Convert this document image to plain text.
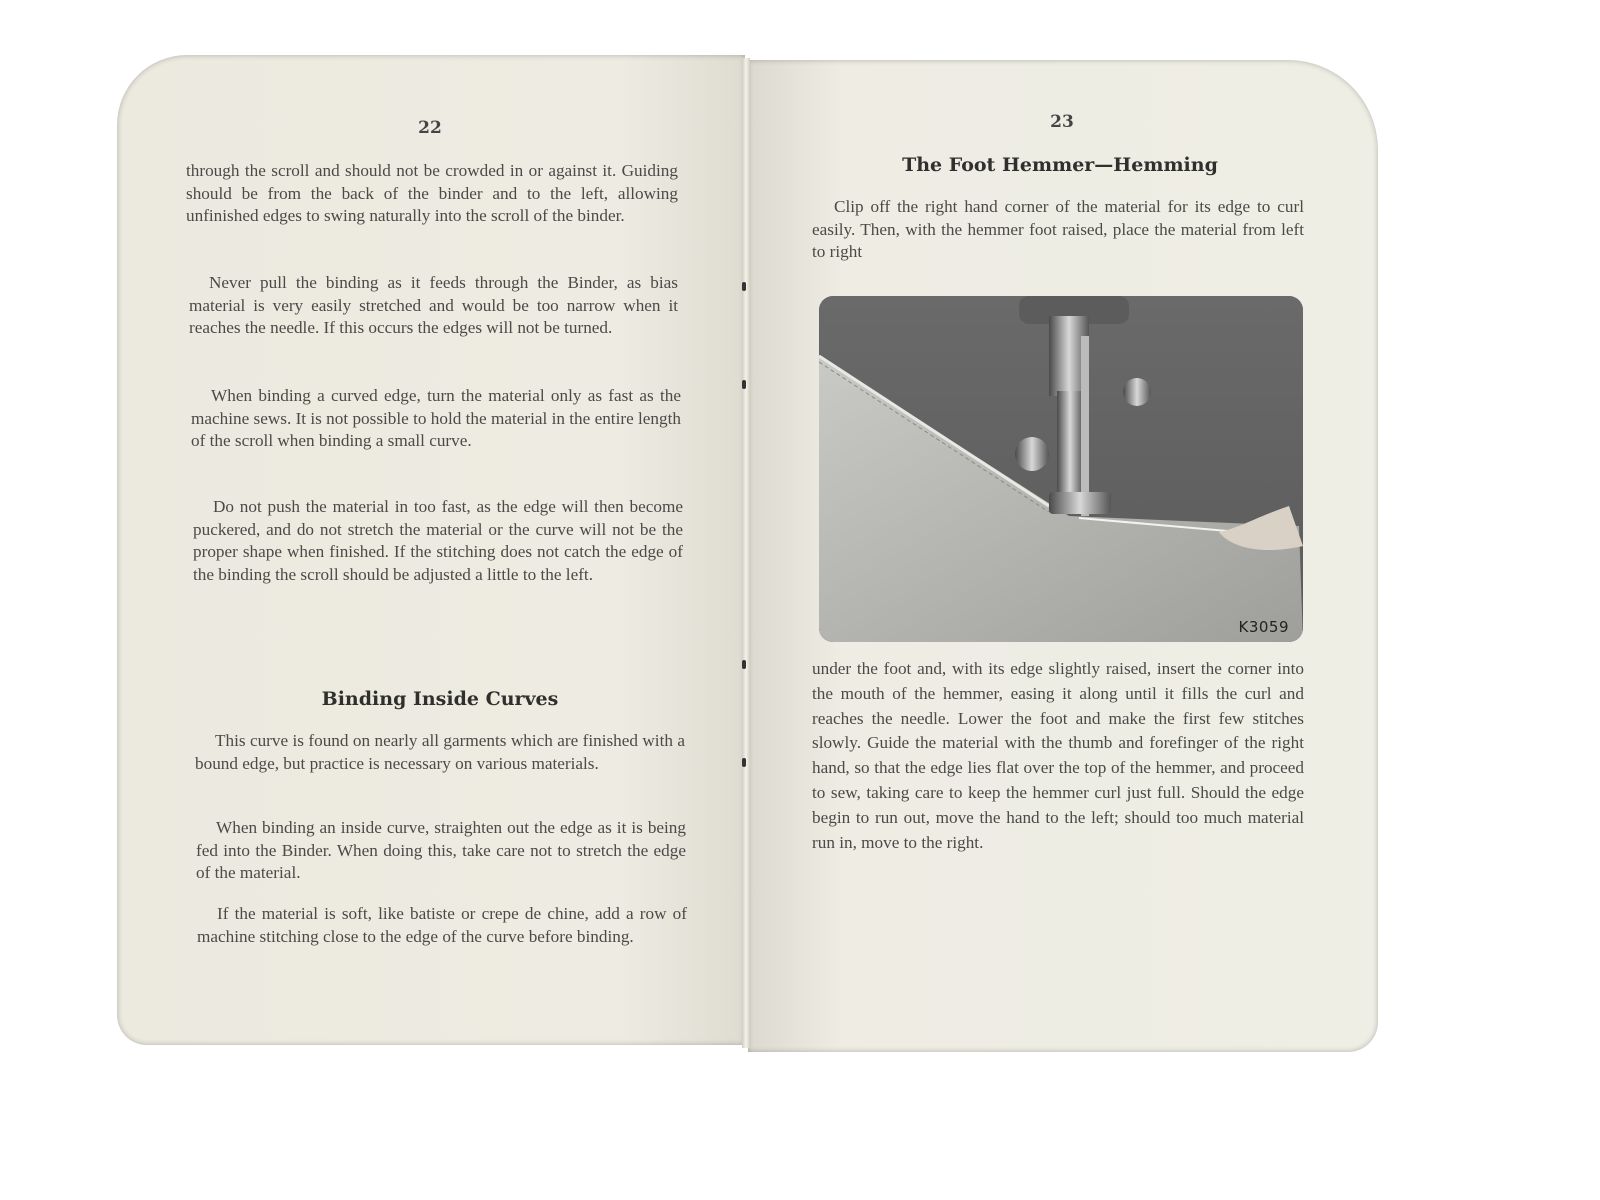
22
through the scroll and should not be crowded in or against it. Guiding should be from the back of the binder and to the left, allowing unfinished edges to swing naturally into the scroll of the binder.
Never pull the binding as it feeds through the Binder, as bias material is very easily stretched and would be too narrow when it reaches the needle. If this occurs the edges will not be turned.
When binding a curved edge, turn the material only as fast as the machine sews. It is not possible to hold the material in the entire length of the scroll when binding a small curve.
Do not push the material in too fast, as the edge will then become puckered, and do not stretch the material or the curve will not be the proper shape when finished. If the stitching does not catch the edge of the binding the scroll should be adjusted a little to the left.
Binding Inside Curves
This curve is found on nearly all garments which are finished with a bound edge, but practice is necessary on various materials.
When binding an inside curve, straighten out the edge as it is being fed into the Binder. When doing this, take care not to stretch the edge of the material.
If the material is soft, like batiste or crepe de chine, add a row of machine stitching close to the edge of the curve before binding.
23
The Foot Hemmer—Hemming
Clip off the right hand corner of the material for its edge to curl easily. Then, with the hemmer foot raised, place the material from left to right
K3059
under the foot and, with its edge slightly raised, insert the corner into the mouth of the hemmer, easing it along until it fills the curl and reaches the needle. Lower the foot and make the first few stitches slowly. Guide the material with the thumb and forefinger of the right hand, so that the edge lies flat over the top of the hemmer, and proceed to sew, taking care to keep the hemmer curl just full. Should the edge begin to run out, move the hand to the left; should too much material run in, move to the right.
